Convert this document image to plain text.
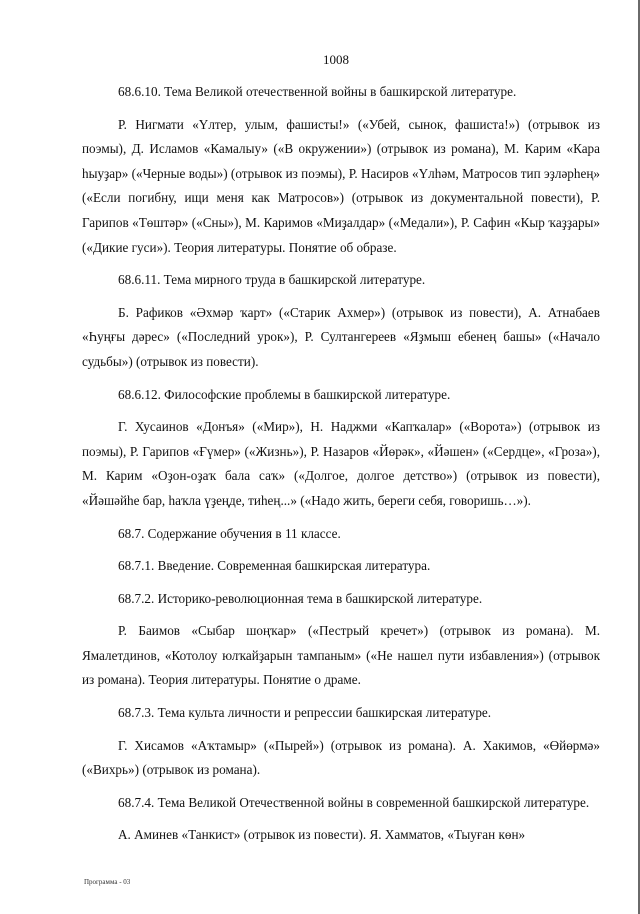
1008

68.6.10. Тема Великой отечественной войны в башкирской литературе.

Р. Нигмати «Үлтер, улым, фашисты!» («Убей, сынок, фашиста!») (отрывок из поэмы), Д. Исламов «Камалыу» («В окружении») (отрывок из романа), М. Карим «Кара һыуҙар» («Черные воды») (отрывок из поэмы), Р. Насиров «Үлһәм, Матросов тип эҙләрһең» («Если погибну, ищи меня как Матросов») (отрывок из документальной повести), Р. Гарипов «Төштәр» («Сны»), М. Каримов «Миҙалдар» («Медали»), Р. Сафин «Кыр ҡаҙҙары» («Дикие гуси»). Теория литературы. Понятие об образе.

68.6.11. Тема мирного труда в башкирской литературе.

Б. Рафиков «Әхмәр ҡарт» («Старик Ахмер») (отрывок из повести), А. Атнабаев «Һуңғы дәрес» («Последний урок»), Р. Султангереев «Яҙмыш ебенең башы» («Начало судьбы») (отрывок из повести).

68.6.12. Философские проблемы в башкирской литературе.

Г. Хусаинов «Донъя» («Мир»), Н. Наджми «Капҡалар» («Ворота») (отрывок из поэмы), Р. Гарипов «Ғүмер» («Жизнь»), Р. Назаров «Йөрәк», «Йәшен» («Сердце», «Гроза»), М. Карим «Оҙон-оҙаҡ бала саҡ» («Долгое, долгое детство») (отрывок из повести), «Йәшәйһе бар, һаҡла үҙеңде, тиһең...» («Надо жить, береги себя, говоришь…»).

68.7. Содержание обучения в 11 классе.

68.7.1. Введение. Современная башкирская литература.

68.7.2. Историко-революционная тема в башкирской литературе.

Р. Баимов «Сыбар шоңҡар» («Пестрый кречет») (отрывок из романа). М. Ямалетдинов, «Котолоу юлҡайҙарын тампаным» («Не нашел пути избавления») (отрывок из романа). Теория литературы. Понятие о драме.

68.7.3. Тема культа личности и репрессии башкирская литературе.

Г. Хисамов «Аҡтамыр» («Пырей») (отрывок из романа). А. Хакимов, «Өйөрмә» («Вихрь») (отрывок из романа).

68.7.4. Тема Великой Отечественной войны в современной башкирской литературе.

А. Аминев «Танкист» (отрывок из повести). Я. Хамматов, «Тыуған көн»

Программа - 03
